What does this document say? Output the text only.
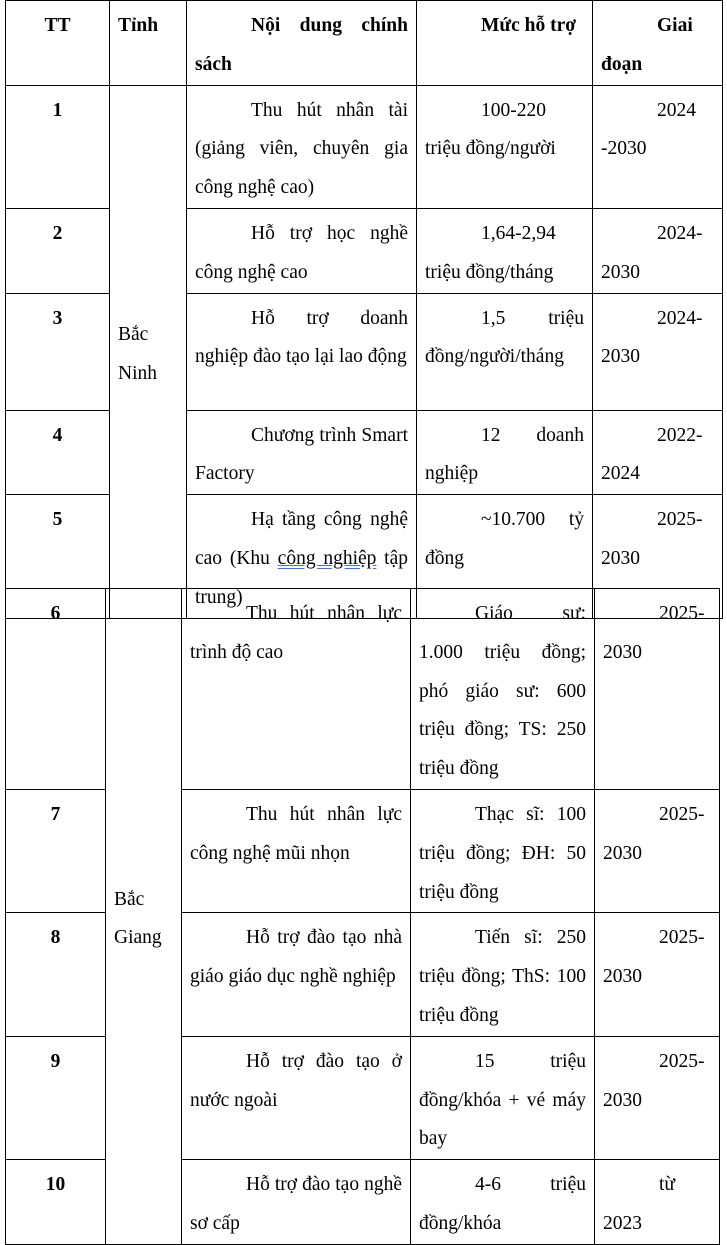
TT	Tỉnh	Nội dung chính sách	Mức hỗ trợ	Giai đoạn
1	Bắc Ninh	Thu hút nhân tài (giảng viên, chuyên gia công nghệ cao)	100-220 triệu đồng/người	2024 -2030
2		Hỗ trợ học nghề công nghệ cao	1,64-2,94 triệu đồng/tháng	2024-2030
3		Hỗ trợ doanh nghiệp đào tạo lại lao động	1,5 triệu đồng/người/tháng	2024-2030
4		Chương trình Smart Factory	12 doanh nghiệp	2022-2024
5		Hạ tầng công nghệ cao (Khu công nghiệp tập trung)	~10.700 tỷ đồng	2025-2030
6	Bắc Giang	Thu hút nhân lực trình độ cao	Giáo sư: 1.000 triệu đồng; phó giáo sư: 600 triệu đồng; TS: 250 triệu đồng	2025-2030
7		Thu hút nhân lực công nghệ mũi nhọn	Thạc sĩ: 100 triệu đồng; ĐH: 50 triệu đồng	2025-2030
8		Hỗ trợ đào tạo nhà giáo giáo dục nghề nghiệp	Tiến sĩ: 250 triệu đồng; ThS: 100 triệu đồng	2025-2030
9		Hỗ trợ đào tạo ở nước ngoài	15 triệu đồng/khóa + vé máy bay	2025-2030
10		Hỗ trợ đào tạo nghề sơ cấp	4-6 triệu đồng/khóa	từ 2023
